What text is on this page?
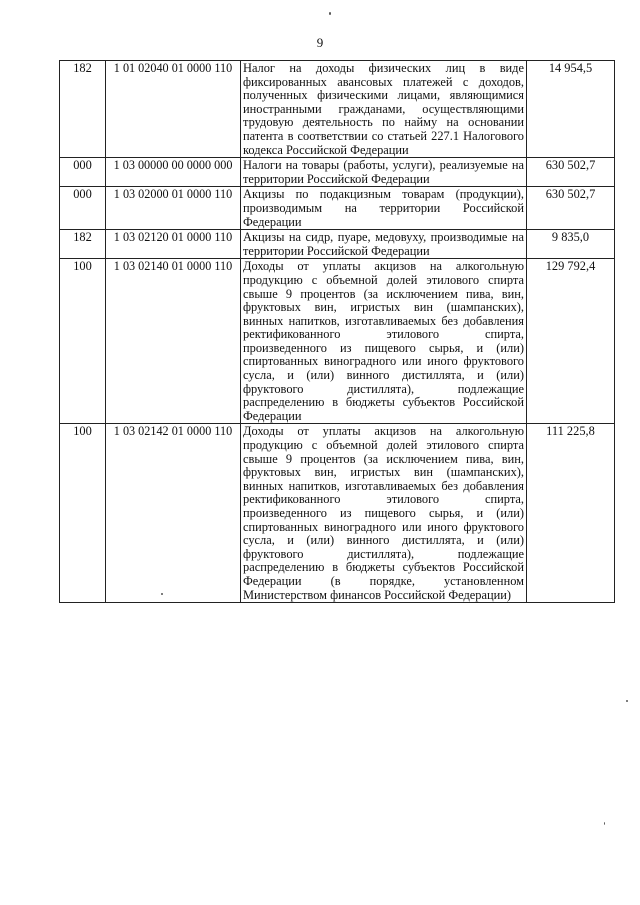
9
182	1 01 02040 01 0000 110	Налог на доходы физических лиц в виде фиксированных авансовых платежей с доходов, полученных физическими лицами, являющимися иностранными гражданами, осуществляющими трудовую деятельность по найму на основании патента в соответствии со статьей 227.1 Налогового кодекса Российской Федерации	14 954,5
000	1 03 00000 00 0000 000	Налоги на товары (работы, услуги), реализуемые на территории Российской Федерации	630 502,7
000	1 03 02000 01 0000 110	Акцизы по подакцизным товарам (продукции), производимым на территории Российской Федерации	630 502,7
182	1 03 02120 01 0000 110	Акцизы на сидр, пуаре, медовуху, производимые на территории Российской Федерации	9 835,0
100	1 03 02140 01 0000 110	Доходы от уплаты акцизов на алкогольную продукцию с объемной долей этилового спирта свыше 9 процентов (за исключением пива, вин, фруктовых вин, игристых вин (шампанских), винных напитков, изготавливаемых без добавления ректификованного этилового спирта, произведенного из пищевого сырья, и (или) спиртованных виноградного или иного фруктового сусла, и (или) винного дистиллята, и (или) фруктового дистиллята), подлежащие распределению в бюджеты субъектов Российской Федерации	129 792,4
100	1 03 02142 01 0000 110	Доходы от уплаты акцизов на алкогольную продукцию с объемной долей этилового спирта свыше 9 процентов (за исключением пива, вин, фруктовых вин, игристых вин (шампанских), винных напитков, изготавливаемых без добавления ректификованного этилового спирта, произведенного из пищевого сырья, и (или) спиртованных виноградного или иного фруктового сусла, и (или) винного дистиллята, и (или) фруктового дистиллята), подлежащие распределению в бюджеты субъектов Российской Федерации (в порядке, установленном Министерством финансов Российской Федерации)	111 225,8
